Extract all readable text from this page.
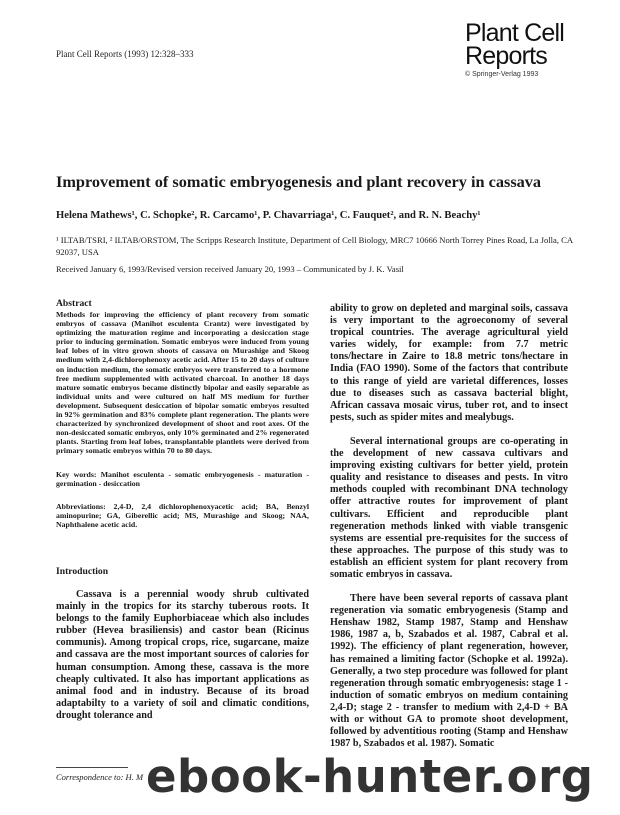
Plant Cell Reports (1993) 12:328–333
Plant Cell
Reports
© Springer-Verlag 1993
Improvement of somatic embryogenesis and plant recovery in cassava
Helena Mathews¹, C. Schopke², R. Carcamo¹, P. Chavarriaga¹, C. Fauquet², and R. N. Beachy¹
¹ ILTAB/TSRI, ² ILTAB/ORSTOM, The Scripps Research Institute, Department of Cell Biology, MRC7 10666 North Torrey Pines Road, La Jolla, CA 92037, USA
Received January 6, 1993/Revised version received January 20, 1993 – Communicated by J. K. Vasil
Abstract

Methods for improving the efficiency of plant recovery from somatic embryos of cassava (Manihot esculenta Crantz) were investigated by optimizing the maturation regime and incorporating a desiccation stage prior to inducing germination. Somatic embryos were induced from young leaf lobes of in vitro grown shoots of cassava on Murashige and Skoog medium with 2,4-dichlorophenoxy acetic acid. After 15 to 20 days of culture on induction medium, the somatic embryos were transferred to a hormone free medium supplemented with activated charcoal. In another 18 days mature somatic embryos became distinctly bipolar and easily separable as individual units and were cultured on half MS medium for further development. Subsequent desiccation of bipolar somatic embryos resulted in 92% germination and 83% complete plant regeneration. The plants were characterized by synchronized development of shoot and root axes. Of the non-desiccated somatic embryos, only 10% germinated and 2% regenerated plants. Starting from leaf lobes, transplantable plantlets were derived from primary somatic embryos within 70 to 80 days.

Key words: Manihot esculenta - somatic embryogenesis - maturation - germination - desiccation

Abbreviations: 2,4-D, 2,4 dichlorophenoxyacetic acid; BA, Benzyl aminopurine; GA, Giberellic acid; MS, Murashige and Skoog; NAA, Naphthalene acetic acid.

Introduction

Cassava is a perennial woody shrub cultivated mainly in the tropics for its starchy tuberous roots. It belongs to the family Euphorbiaceae which also includes rubber (Hevea brasiliensis) and castor bean (Ricinus communis). Among tropical crops, rice, sugarcane, maize and cassava are the most important sources of calories for human consumption. Among these, cassava is the more cheaply cultivated. It also has important applications as animal food and in industry. Because of its broad adaptabilty to a variety of soil and climatic conditions, drought tolerance and

ability to grow on depleted and marginal soils, cassava is very important to the agroeconomy of several tropical countries. The average agricultural yield varies widely, for example: from 7.7 metric tons/hectare in Zaire to 18.8 metric tons/hectare in India (FAO 1990). Some of the factors that contribute to this range of yield are varietal differences, losses due to diseases such as cassava bacterial blight, African cassava mosaic virus, tuber rot, and to insect pests, such as spider mites and mealybugs.

Several international groups are co-operating in the development of new cassava cultivars and improving existing cultivars for better yield, protein quality and resistance to diseases and pests. In vitro methods coupled with recombinant DNA technology offer attractive routes for improvement of plant cultivars. Efficient and reproducible plant regeneration methods linked with viable transgenic systems are essential pre-requisites for the success of these approaches. The purpose of this study was to establish an efficient system for plant recovery from somatic embryos in cassava.

There have been several reports of cassava plant regeneration via somatic embryogenesis (Stamp and Henshaw 1982, Stamp 1987, Stamp and Henshaw 1986, 1987 a, b, Szabados et al. 1987, Cabral et al. 1992). The efficiency of plant regeneration, however, has remained a limiting factor (Schopke et al. 1992a). Generally, a two step procedure was followed for plant regeneration through somatic embryogenesis: stage 1 - induction of somatic embryos on medium containing 2,4-D; stage 2 - transfer to medium with 2,4-D + BA with or without GA to promote shoot development, followed by adventitious rooting (Stamp and Henshaw 1987 b, Szabados et al. 1987). Somatic

Correspondence to: H. M ebook-hunter.org
